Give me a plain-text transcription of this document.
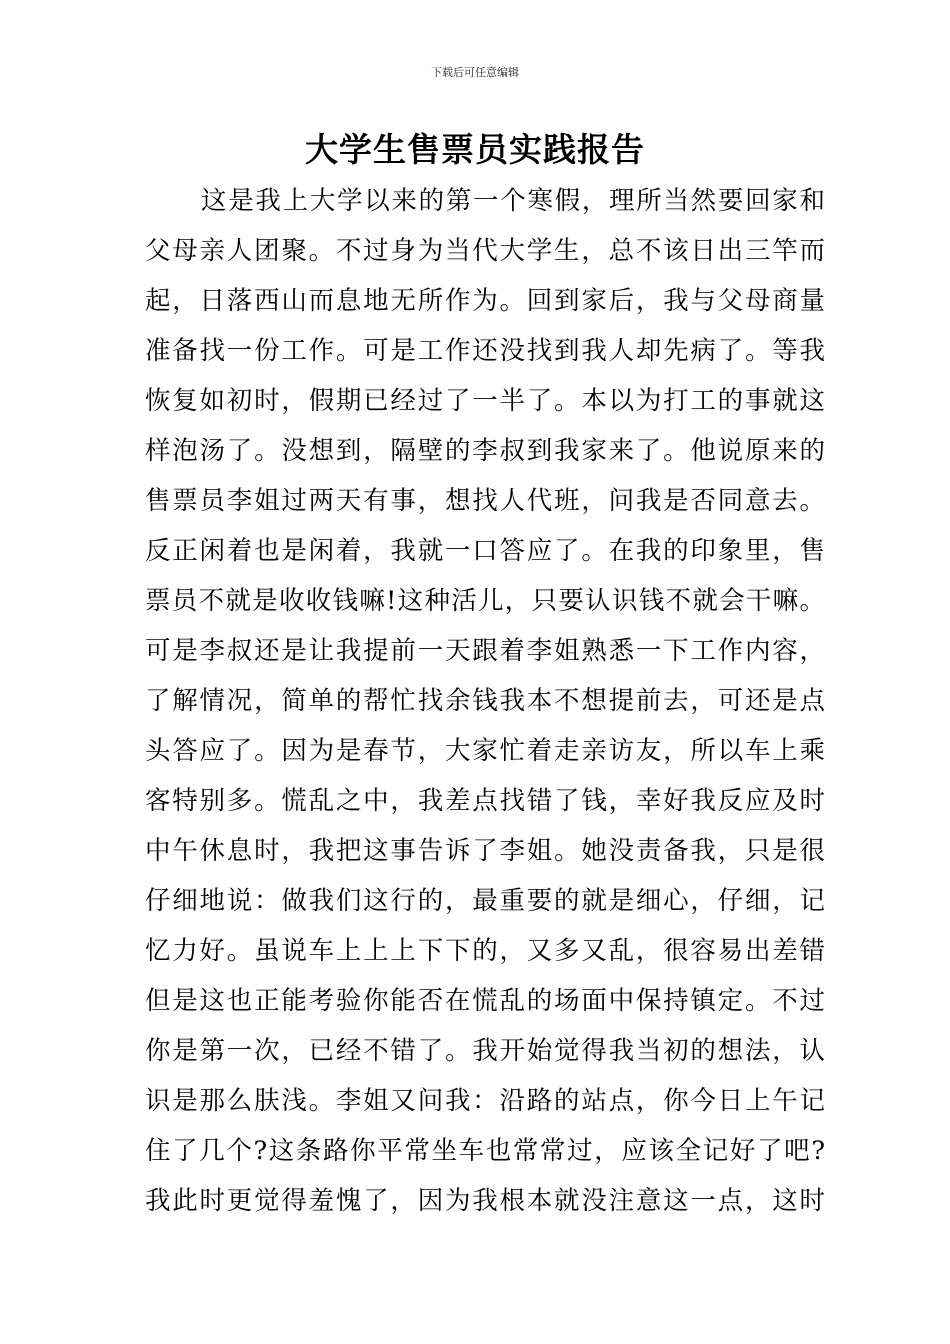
下载后可任意编辑
大学生售票员实践报告
这是我上大学以来的第一个寒假，理所当然要回家和
父母亲人团聚。不过身为当代大学生，总不该日出三竿而
起，日落西山而息地无所作为。回到家后，我与父母商量
准备找一份工作。可是工作还没找到我人却先病了。等我
恢复如初时，假期已经过了一半了。本以为打工的事就这
样泡汤了。没想到，隔壁的李叔到我家来了。他说原来的
售票员李姐过两天有事，想找人代班，问我是否同意去。
反正闲着也是闲着，我就一口答应了。在我的印象里，售
票员不就是收收钱嘛!这种活儿，只要认识钱不就会干嘛。
可是李叔还是让我提前一天跟着李姐熟悉一下工作内容，
了解情况，简单的帮忙找余钱我本不想提前去，可还是点
头答应了。因为是春节，大家忙着走亲访友，所以车上乘
客特别多。慌乱之中，我差点找错了钱，幸好我反应及时
中午休息时，我把这事告诉了李姐。她没责备我，只是很
仔细地说：做我们这行的，最重要的就是细心，仔细，记
忆力好。虽说车上上上下下的，又多又乱，很容易出差错
但是这也正能考验你能否在慌乱的场面中保持镇定。不过
你是第一次，已经不错了。我开始觉得我当初的想法，认
识是那么肤浅。李姐又问我：沿路的站点，你今日上午记
住了几个?这条路你平常坐车也常常过，应该全记好了吧?
我此时更觉得羞愧了，因为我根本就没注意这一点，这时
